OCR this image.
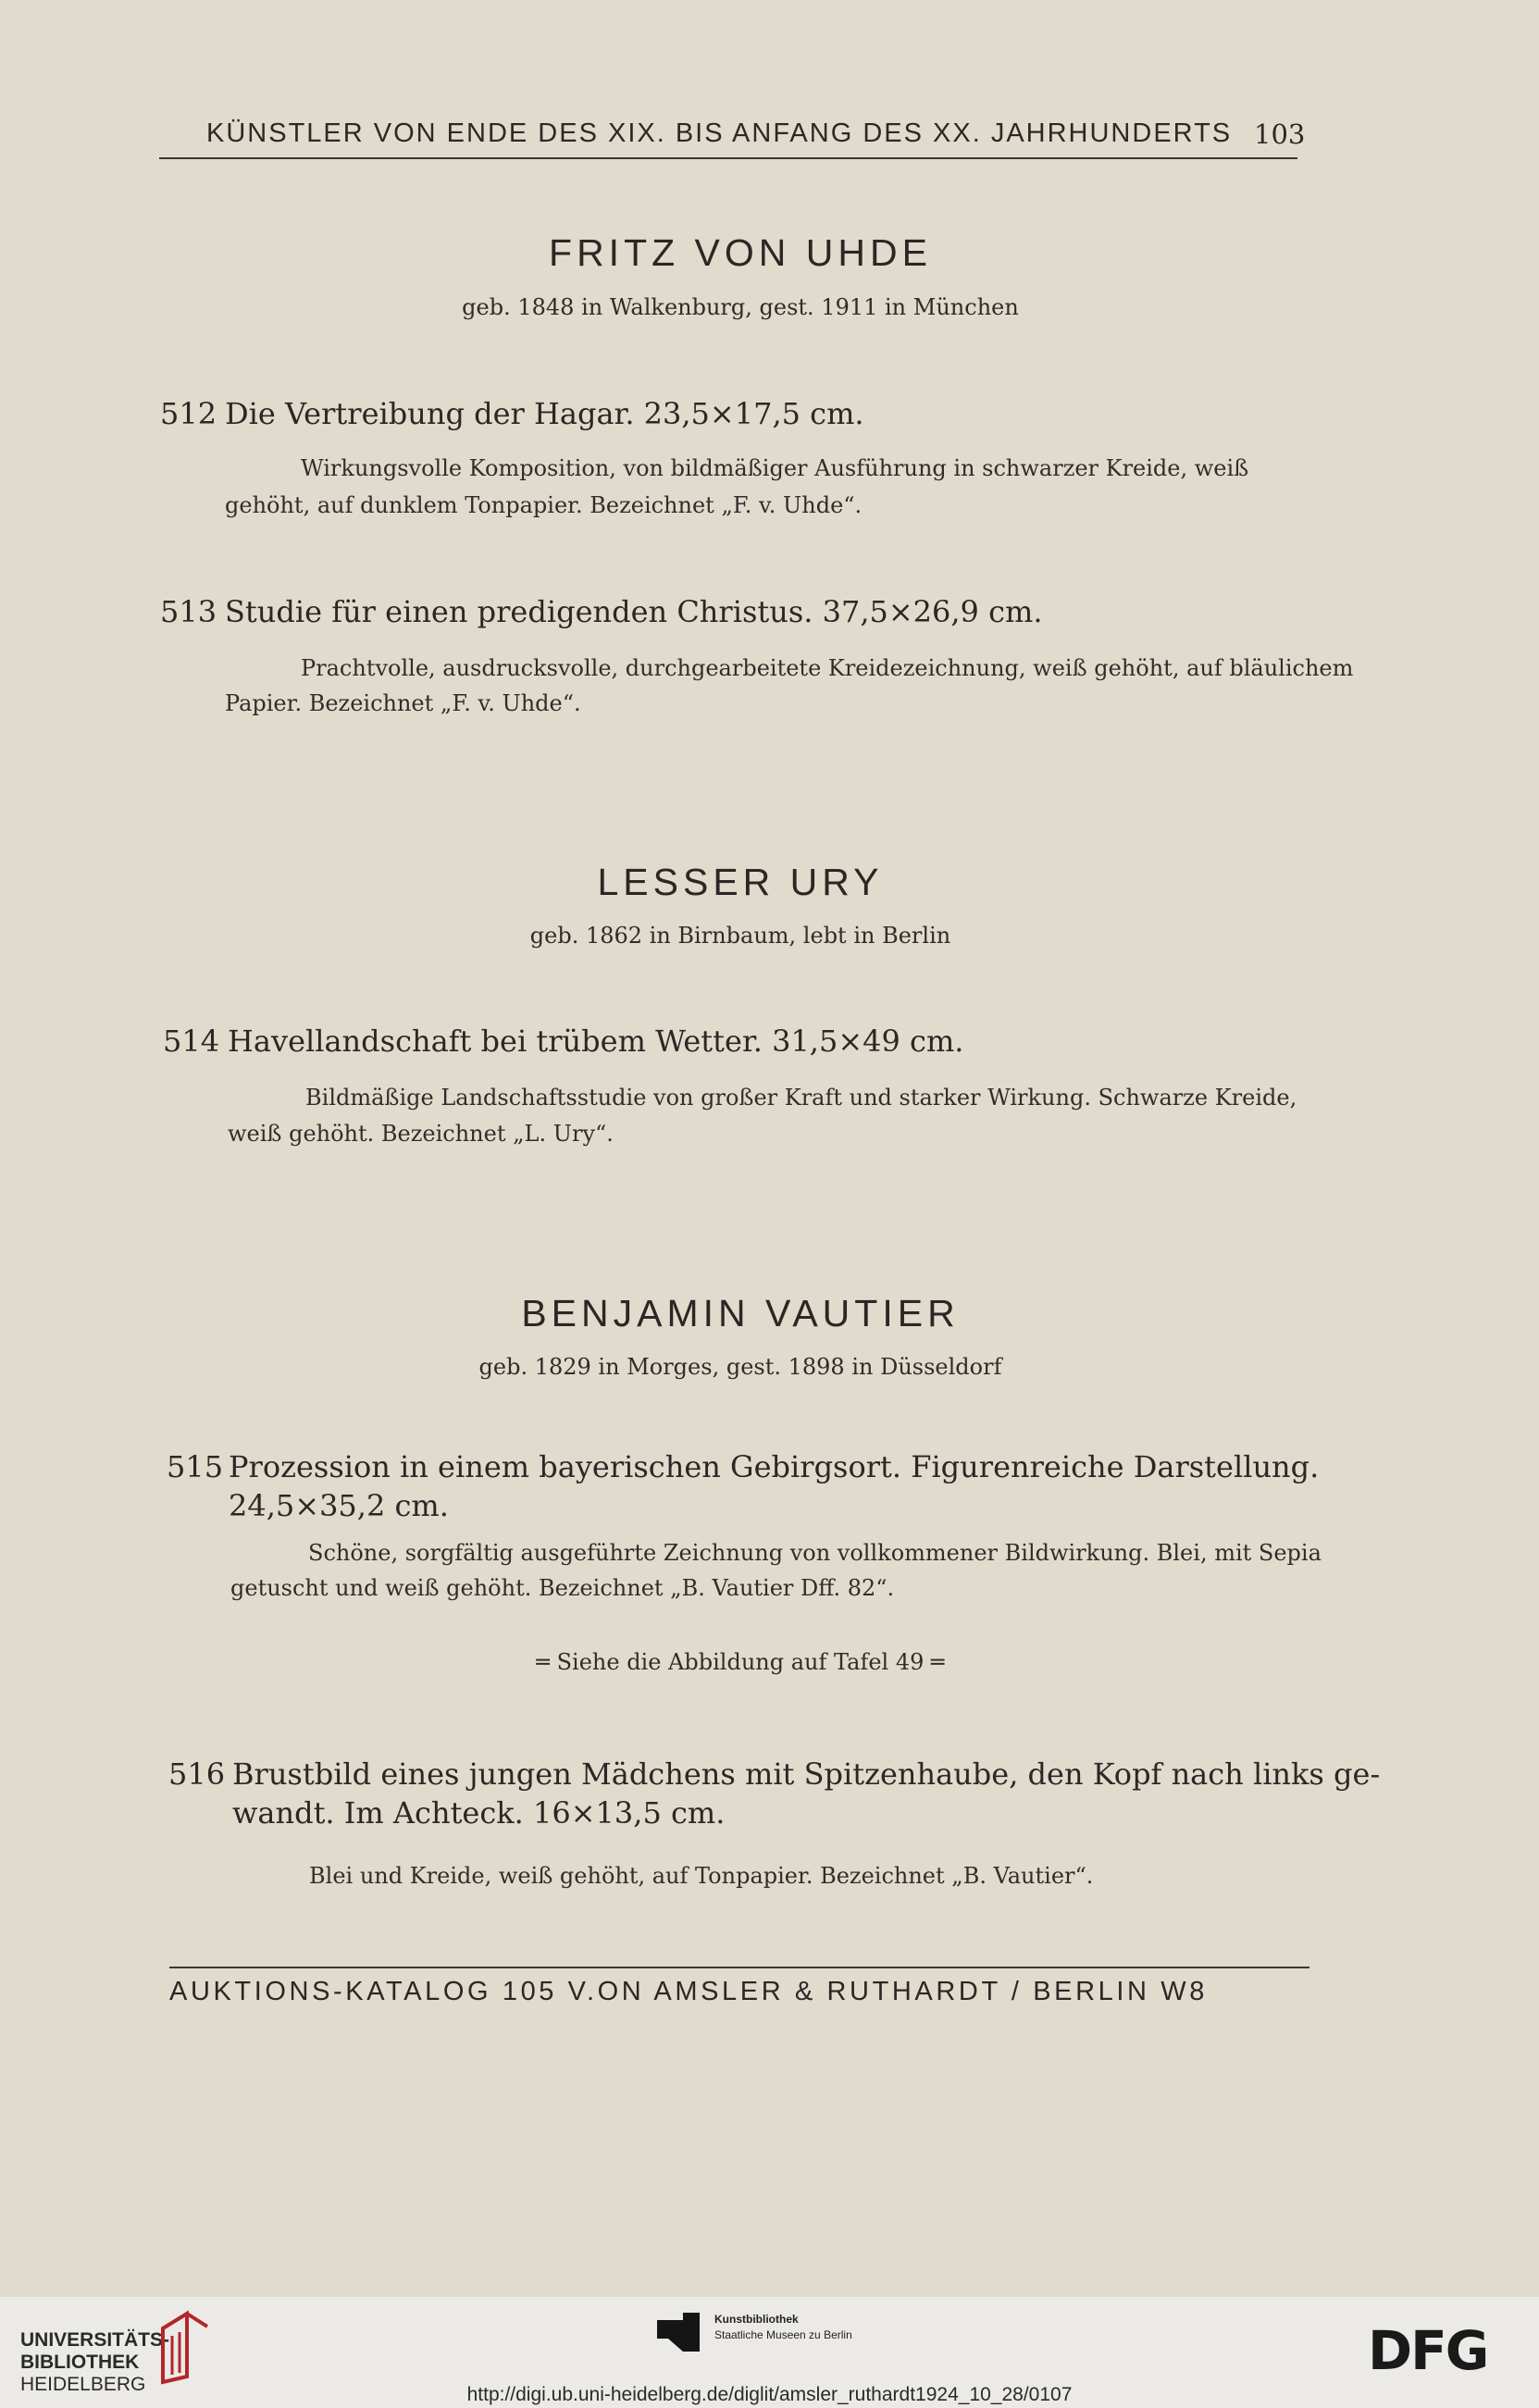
KÜNSTLER VON ENDE DES XIX. BIS ANFANG DES XX. JAHRHUNDERTS 103
FRITZ VON UHDE
geb. 1848 in Walkenburg, gest. 1911 in München
512 Die Vertreibung der Hagar. 23,5×17,5 cm.
Wirkungsvolle Komposition, von bildmäßiger Ausführung in schwarzer Kreide, weiß
gehöht, auf dunklem Tonpapier. Bezeichnet „F. v. Uhde“.
513 Studie für einen predigenden Christus. 37,5×26,9 cm.
Prachtvolle, ausdrucksvolle, durchgearbeitete Kreidezeichnung, weiß gehöht, auf bläulichem
Papier. Bezeichnet „F. v. Uhde“.
LESSER URY
geb. 1862 in Birnbaum, lebt in Berlin
514 Havellandschaft bei trübem Wetter. 31,5×49 cm.
Bildmäßige Landschaftsstudie von großer Kraft und starker Wirkung. Schwarze Kreide,
weiß gehöht. Bezeichnet „L. Ury“.
BENJAMIN VAUTIER
geb. 1829 in Morges, gest. 1898 in Düsseldorf
515 Prozession in einem bayerischen Gebirgsort. Figurenreiche Darstellung.
24,5×35,2 cm.
Schöne, sorgfältig ausgeführte Zeichnung von vollkommener Bildwirkung. Blei, mit Sepia
getuscht und weiß gehöht. Bezeichnet „B. Vautier Dff. 82“.
═ Siehe die Abbildung auf Tafel 49 ═
516 Brustbild eines jungen Mädchens mit Spitzenhaube, den Kopf nach links ge-
wandt. Im Achteck. 16×13,5 cm.
Blei und Kreide, weiß gehöht, auf Tonpapier. Bezeichnet „B. Vautier“.
AUKTIONS-KATALOG 105 V.ON AMSLER & RUTHARDT / BERLIN W8
UNIVERSITÄTS-
BIBLIOTHEK
HEIDELBERG
Kunstbibliothek
Staatliche Museen zu Berlin	DFG
http://digi.ub.uni-heidelberg.de/diglit/amsler_ruthardt1924_10_28/0107
